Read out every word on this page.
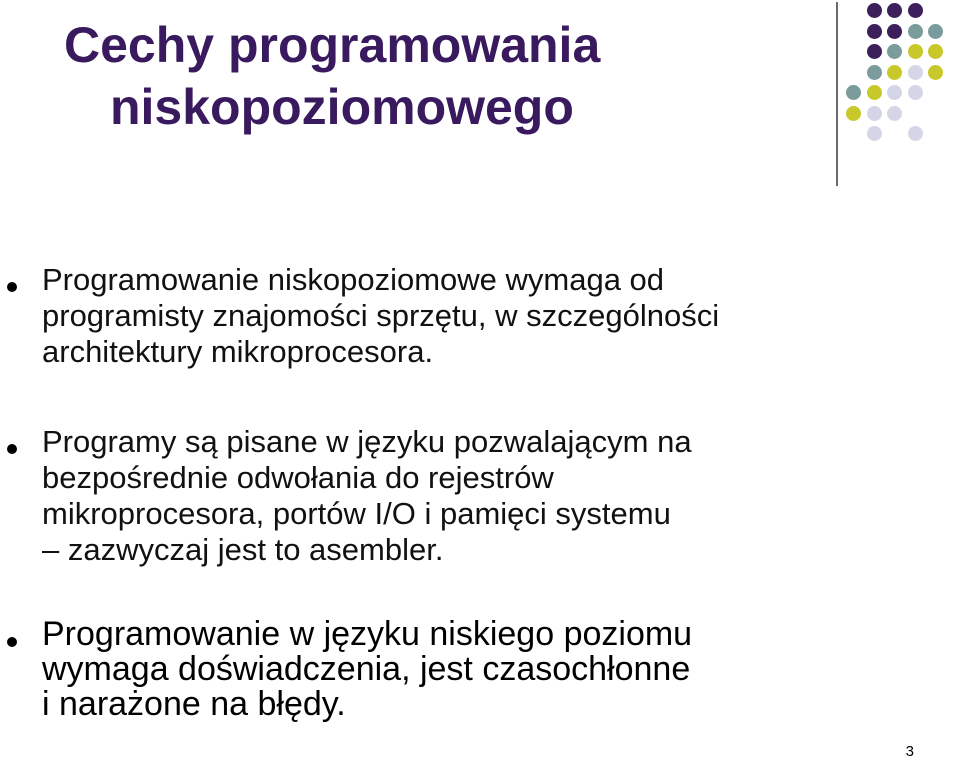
Cechy programowania
niskopoziomowego

Programowanie niskopoziomowe wymaga od
programisty znajomości sprzętu, w szczególności
architektury mikroprocesora.

Programy są pisane w języku pozwalającym na
bezpośrednie odwołania do rejestrów
mikroprocesora, portów I/O i pamięci systemu
– zazwyczaj jest to asembler.

Programowanie w języku niskiego poziomu
wymaga doświadczenia, jest czasochłonne
i narażone na błędy.

3
